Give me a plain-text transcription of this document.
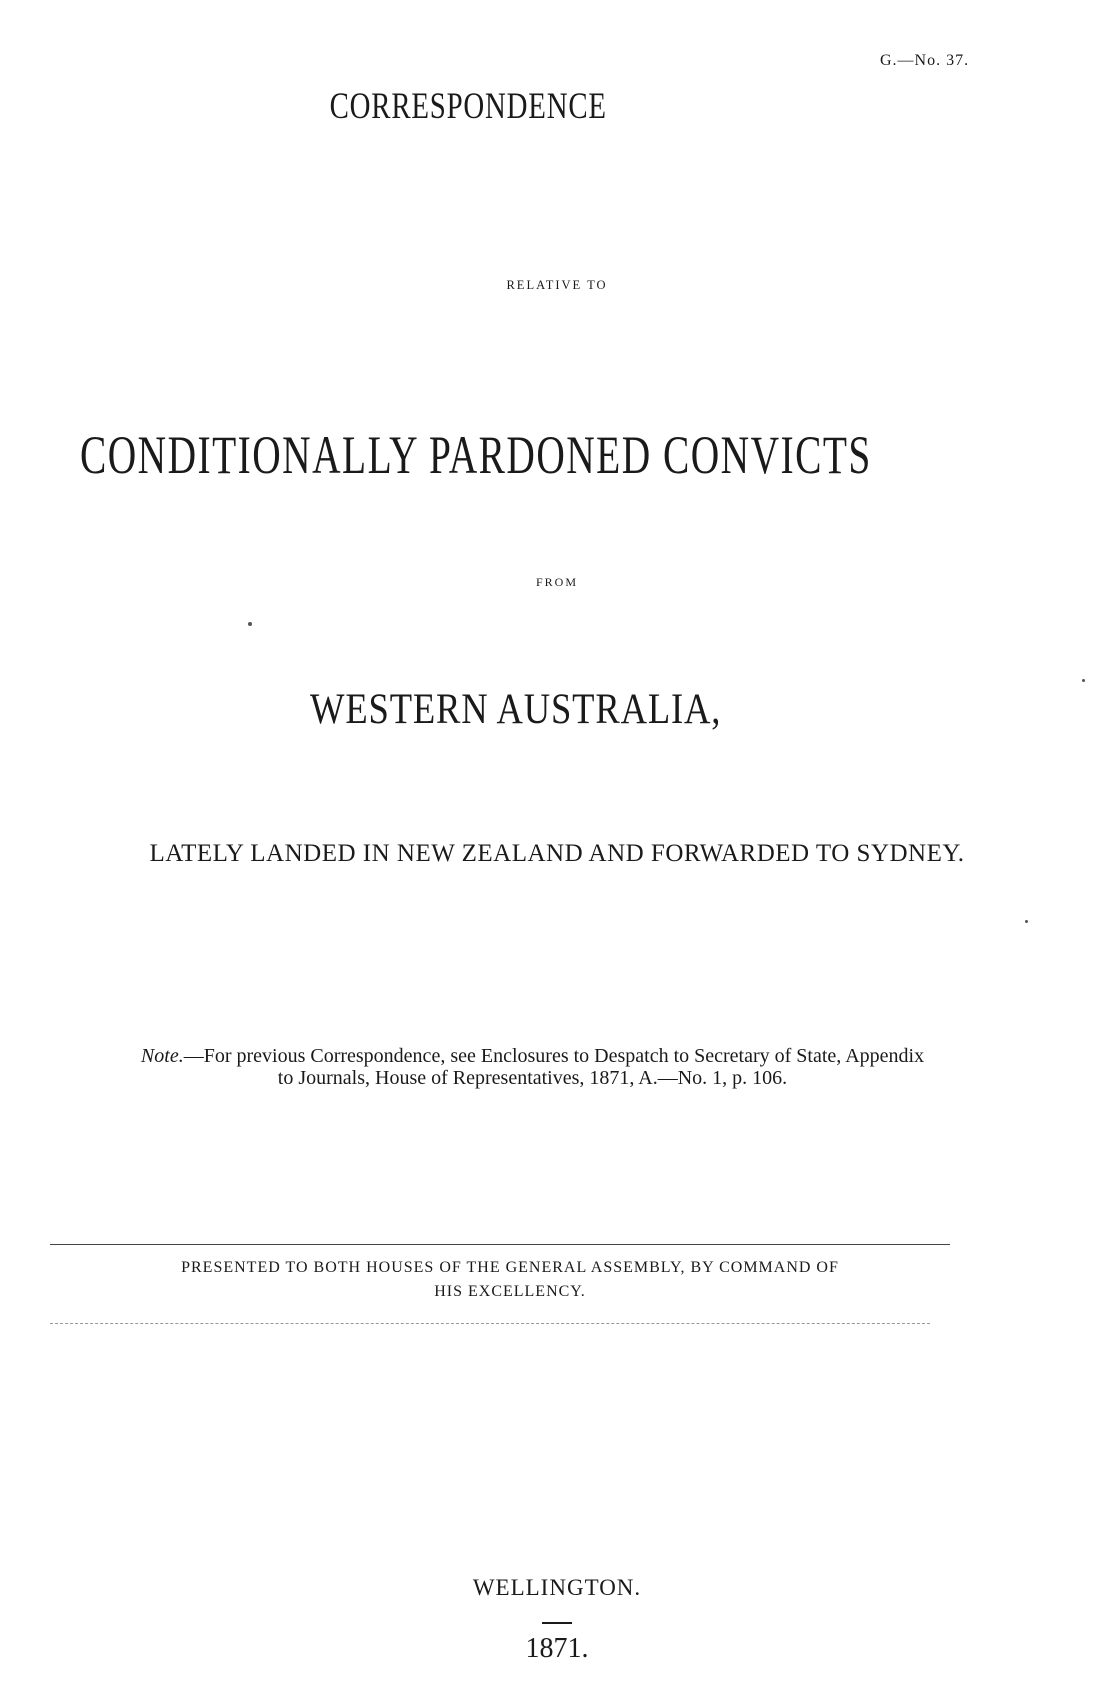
G.—No. 37.
CORRESPONDENCE
RELATIVE TO
CONDITIONALLY PARDONED CONVICTS
FROM
WESTERN AUSTRALIA,
LATELY LANDED IN NEW ZEALAND AND FORWARDED TO SYDNEY.
Note.—For previous Correspondence, see Enclosures to Despatch to Secretary of State, Appendix
to Journals, House of Representatives, 1871, A.—No. 1, p. 106.
PRESENTED TO BOTH HOUSES OF THE GENERAL ASSEMBLY, BY COMMAND OF
HIS EXCELLENCY.
WELLINGTON.
1871.
